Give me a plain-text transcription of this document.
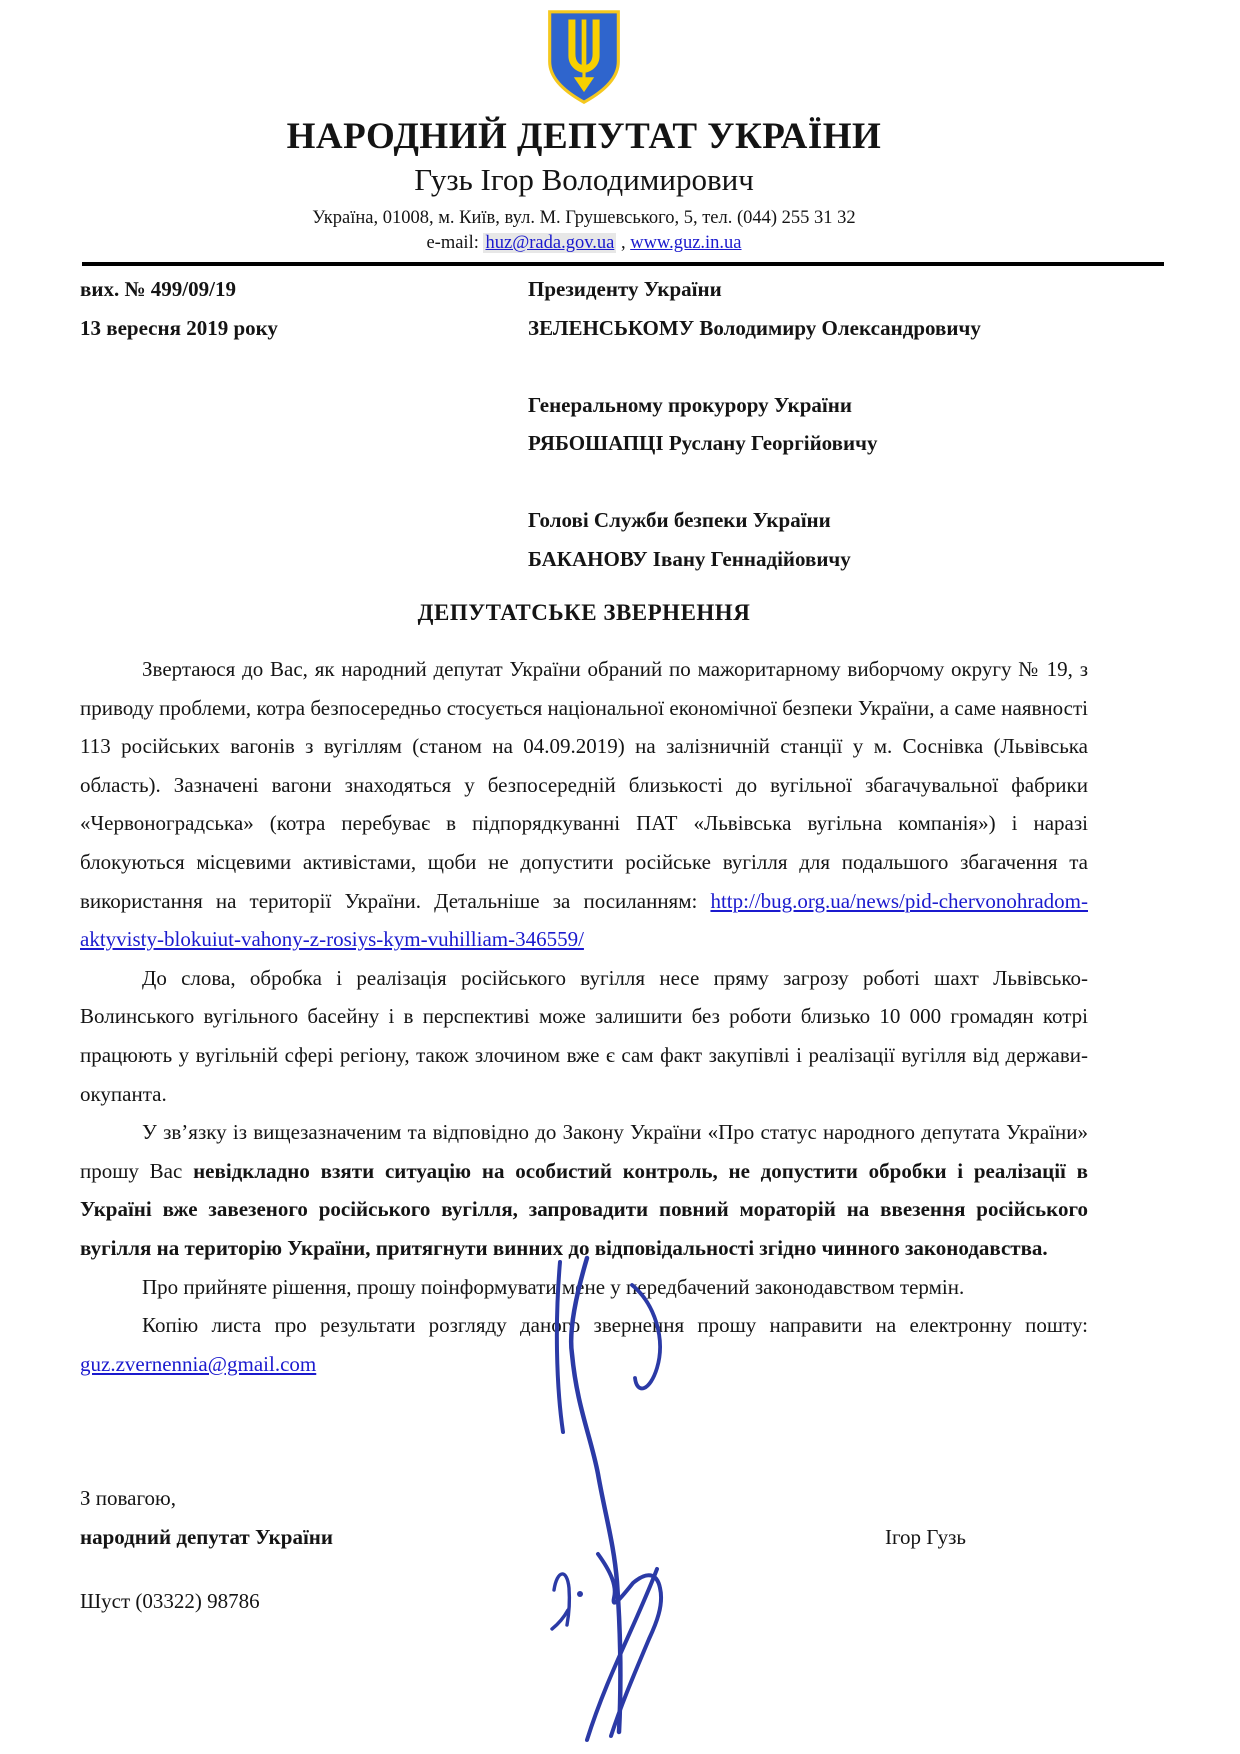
НАРОДНИЙ ДЕПУТАТ УКРАЇНИ
Гузь Ігор Володимирович
Україна, 01008, м. Київ, вул. М. Грушевського, 5, тел. (044) 255 31 32
e-mail: huz@rada.gov.ua , www.guz.in.ua
вих. № 499/09/19
13 вересня 2019 року
Президенту України
ЗЕЛЕНСЬКОМУ Володимиру Олександровичу
Генеральному прокурору України
РЯБОШАПЦІ Руслану Георгійовичу
Голові Служби безпеки України
БАКАНОВУ Івану Геннадійовичу
ДЕПУТАТСЬКЕ ЗВЕРНЕННЯ

Звертаюся до Вас, як народний депутат України обраний по мажоритарному виборчому округу № 19, з приводу проблеми, котра безпосередньо стосується національної економічної безпеки України, а саме наявності 113 російських вагонів з вугіллям (станом на 04.09.2019) на залізничній станції у м. Соснівка (Львівська область). Зазначені вагони знаходяться у безпосередній близькості до вугільної збагачувальної фабрики «Червоноградська» (котра перебуває в підпорядкуванні ПАТ «Львівська вугільна компанія») і наразі блокуються місцевими активістами, щоби не допустити російське вугілля для подальшого збагачення та використання на території України. Детальніше за посиланням: http://bug.org.ua/news/pid-chervonohradom-aktyvisty-blokuiut-vahony-z-rosiys-kym-vuhilliam-346559/

До слова, обробка і реалізація російського вугілля несе пряму загрозу роботі шахт Львівсько-Волинського вугільного басейну і в перспективі може залишити без роботи близько 10 000 громадян котрі працюють у вугільній сфері регіону, також злочином вже є сам факт закупівлі і реалізації вугілля від держави-окупанта.

У зв’язку із вищезазначеним та відповідно до Закону України «Про статус народного депутата України» прошу Вас невідкладно взяти ситуацію на особистий контроль, не допустити обробки і реалізації в Україні вже завезеного російського вугілля, запровадити повний мораторій на ввезення російського вугілля на територію України, притягнути винних до відповідальності згідно чинного законодавства.

Про прийняте рішення, прошу поінформувати мене у передбачений законодавством термін.

Копію листа про результати розгляду даного звернення прошу направити на електронну пошту: guz.zvernennia@gmail.com

З повагою,
народний депутат України	Ігор Гузь
Шуст (03322) 98786
